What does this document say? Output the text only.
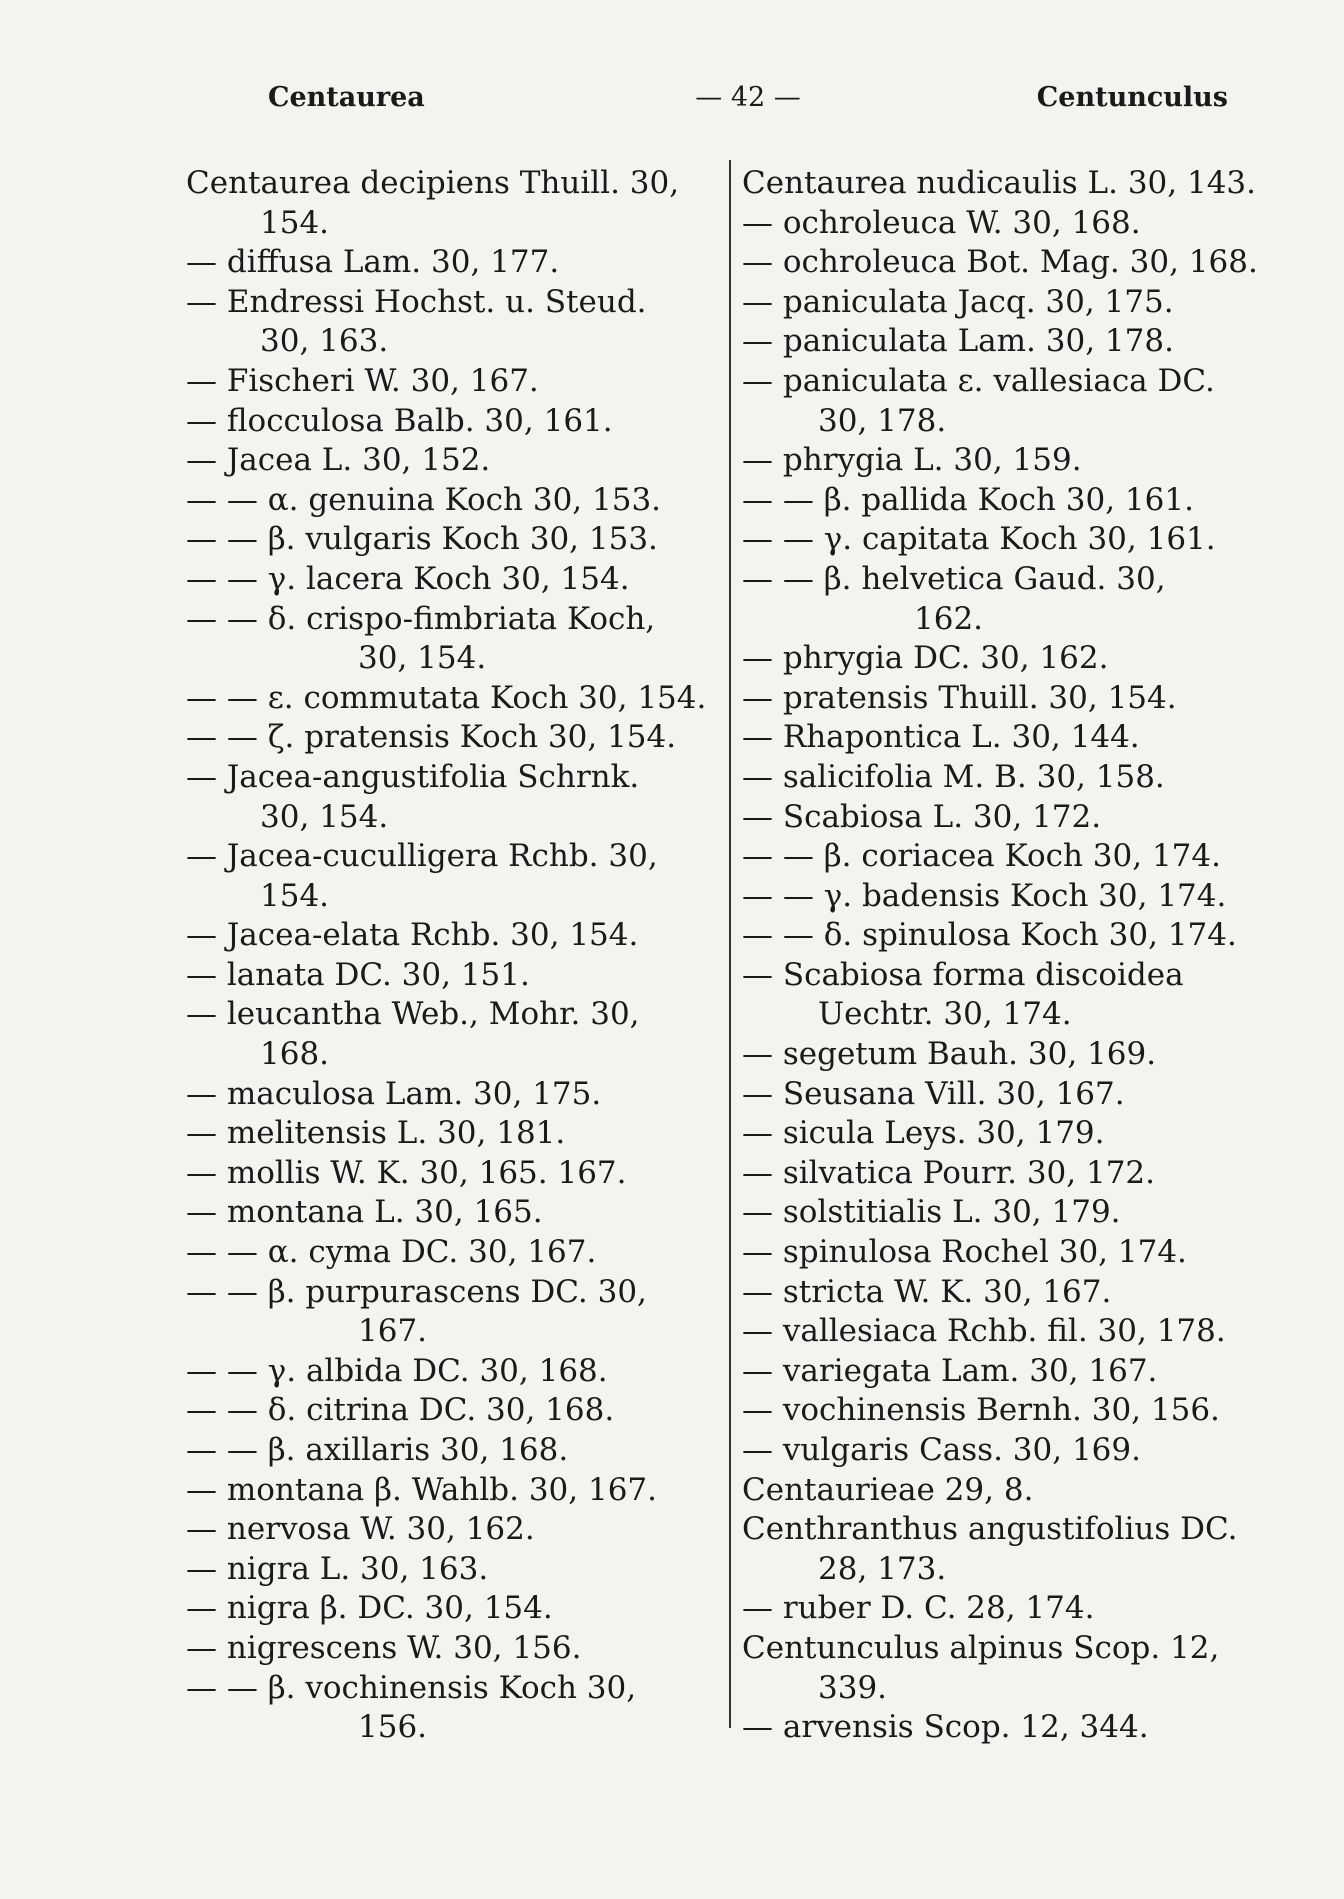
Centaurea	— 42 —	Centunculus
Centaurea decipiens Thuill. 30,
154.
— diffusa Lam. 30, 177.
— Endressi Hochst. u. Steud.
30, 163.
— Fischeri W. 30, 167.
— flocculosa Balb. 30, 161.
— Jacea L. 30, 152.
— — α. genuina Koch 30, 153.
— — β. vulgaris Koch 30, 153.
— — γ. lacera Koch 30, 154.
— — δ. crispo-fimbriata Koch,
30, 154.
— — ε. commutata Koch 30, 154.
— — ζ. pratensis Koch 30, 154.
— Jacea-angustifolia Schrnk.
30, 154.
— Jacea-cuculligera Rchb. 30,
154.
— Jacea-elata Rchb. 30, 154.
— lanata DC. 30, 151.
— leucantha Web., Mohr. 30,
168.
— maculosa Lam. 30, 175.
— melitensis L. 30, 181.
— mollis W. K. 30, 165. 167.
— montana L. 30, 165.
— — α. cyma DC. 30, 167.
— — β. purpurascens DC. 30,
167.
— — γ. albida DC. 30, 168.
— — δ. citrina DC. 30, 168.
— — β. axillaris 30, 168.
— montana β. Wahlb. 30, 167.
— nervosa W. 30, 162.
— nigra L. 30, 163.
— nigra β. DC. 30, 154.
— nigrescens W. 30, 156.
— — β. vochinensis Koch 30,
156.
Centaurea nudicaulis L. 30, 143.
— ochroleuca W. 30, 168.
— ochroleuca Bot. Mag. 30, 168.
— paniculata Jacq. 30, 175.
— paniculata Lam. 30, 178.
— paniculata ε. vallesiaca DC.
30, 178.
— phrygia L. 30, 159.
— — β. pallida Koch 30, 161.
— — γ. capitata Koch 30, 161.
— — β. helvetica Gaud. 30,
162.
— phrygia DC. 30, 162.
— pratensis Thuill. 30, 154.
— Rhapontica L. 30, 144.
— salicifolia M. B. 30, 158.
— Scabiosa L. 30, 172.
— — β. coriacea Koch 30, 174.
— — γ. badensis Koch 30, 174.
— — δ. spinulosa Koch 30, 174.
— Scabiosa forma discoidea
Uechtr. 30, 174.
— segetum Bauh. 30, 169.
— Seusana Vill. 30, 167.
— sicula Leys. 30, 179.
— silvatica Pourr. 30, 172.
— solstitialis L. 30, 179.
— spinulosa Rochel 30, 174.
— stricta W. K. 30, 167.
— vallesiaca Rchb. fil. 30, 178.
— variegata Lam. 30, 167.
— vochinensis Bernh. 30, 156.
— vulgaris Cass. 30, 169.
Centaurieae 29, 8.
Centhranthus angustifolius DC.
28, 173.
— ruber D. C. 28, 174.
Centunculus alpinus Scop. 12,
339.
— arvensis Scop. 12, 344.
